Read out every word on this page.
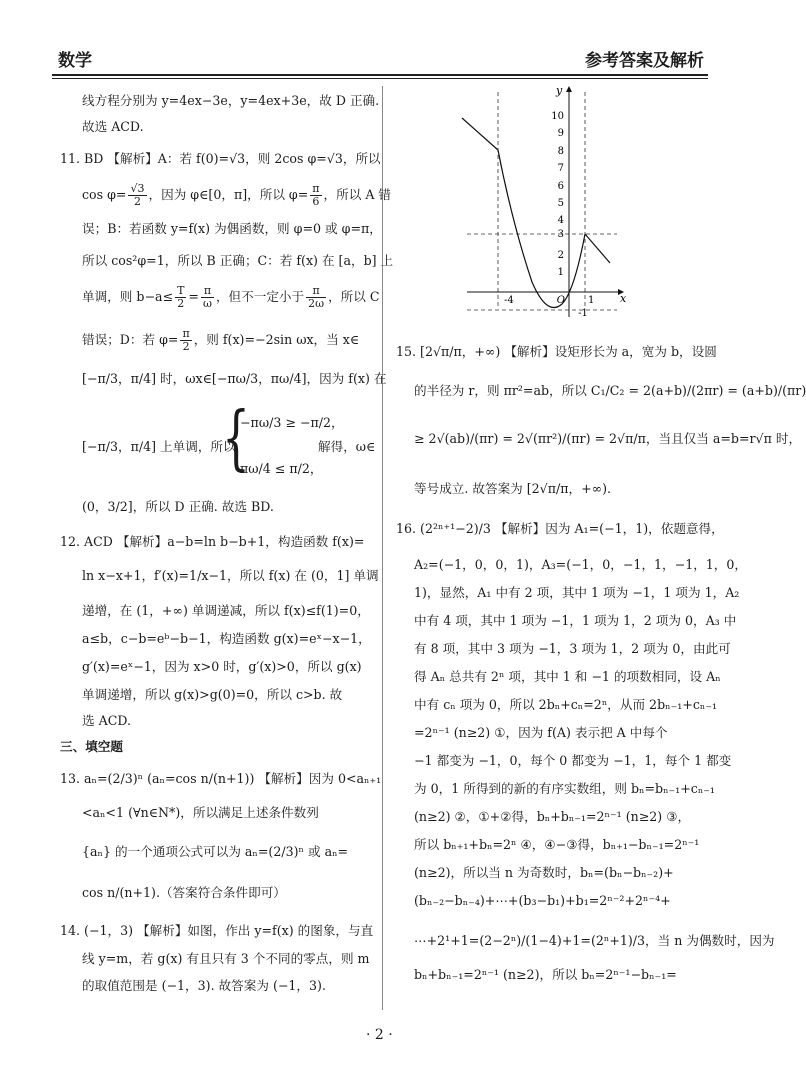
数学	参考答案及解析
线方程分别为 y=4ex−3e，y=4ex+3e，故 D 正确.
故选 ACD.
11. BD 【解析】A：若 f(0)=√3，则 2cos φ=√3，所以
$\cos \varphi= \frac{√3}{2}$ ，因为 φ∈[0，π]，所以 $\varphi= \frac{\pi}{6}$ ，所以 A 错
误；B：若函数 y=f(x) 为偶函数，则 φ=0 或 φ=π，
所以 cos²φ=1，所以 B 正确；C：若 f(x) 在 [a，b] 上
单调，则 $b-a\le \frac{T}{2} = \frac{\pi}{\omega}$ ，但不一定小于 $\frac{\pi}{2\omega}$ ，所以 C
错误；D：若 $\varphi= \frac{\pi}{2}$ ，则 f(x)=−2sin ωx，当 x∈
[−π/3，π/4] 时，ωx∈[−πω/3，πω/4]，因为 f(x) 在
[−π/3，π/4] 上单调，所以
{
−πω/3 ≥ −π/2，
πω/4 ≤ π/2，
解得，ω∈
(0，3/2]，所以 D 正确. 故选 BD.
12. ACD 【解析】a−b=ln b−b+1，构造函数 f(x)=
ln x−x+1，f′(x)=1/x−1，所以 f(x) 在 (0，1] 单调
递增，在 (1，+∞) 单调递减，所以 f(x)≤f(1)=0，
a≤b，c−b=eᵇ−b−1，构造函数 g(x)=eˣ−x−1，
g′(x)=eˣ−1，因为 x>0 时，g′(x)>0，所以 g(x)
单调递增，所以 g(x)>g(0)=0，所以 c>b. 故
选 ACD.
三、填空题
13. aₙ=(2/3)ⁿ (aₙ=cos n/(n+1)) 【解析】因为 0<aₙ₊₁
<aₙ<1 (∀n∈N*)，所以满足上述条件数列
{aₙ} 的一个通项公式可以为 aₙ=(2/3)ⁿ 或 aₙ=
cos n/(n+1).（答案符合条件即可）
14. (−1，3) 【解析】如图，作出 y=f(x) 的图象，与直
线 y=m，若 g(x) 有且只有 3 个不同的零点，则 m
的取值范围是 (−1，3). 故答案为 (−1，3).
10
9
8
7
6
5
4
3
2
1
-1
y
x
-4	O 1
15. [2√π/π，+∞) 【解析】设矩形长为 a，宽为 b，设圆
的半径为 r，则 πr²=ab，所以 C₁/C₂ = 2(a+b)/(2πr) = (a+b)/(πr)
≥ 2√(ab)/(πr) = 2√(πr²)/(πr) = 2√π/π，当且仅当 a=b=r√π 时，
等号成立. 故答案为 [2√π/π，+∞).
16. (2²ⁿ⁺¹−2)/3 【解析】因为 A₁=(−1，1)，依题意得，
A₂=(−1，0，0，1)，A₃=(−1，0，−1，1，−1，1，0，
1)，显然，A₁ 中有 2 项，其中 1 项为 −1，1 项为 1，A₂
中有 4 项，其中 1 项为 −1，1 项为 1，2 项为 0，A₃ 中
有 8 项，其中 3 项为 −1，3 项为 1，2 项为 0，由此可
得 Aₙ 总共有 2ⁿ 项，其中 1 和 −1 的项数相同，设 Aₙ
中有 cₙ 项为 0，所以 2bₙ+cₙ=2ⁿ，从而 2bₙ₋₁+cₙ₋₁
=2ⁿ⁻¹ (n≥2) ①，因为 f(A) 表示把 A 中每个
−1 都变为 −1，0，每个 0 都变为 −1，1，每个 1 都变
为 0，1 所得到的新的有序实数组，则 bₙ=bₙ₋₁+cₙ₋₁
(n≥2) ②，①+②得，bₙ+bₙ₋₁=2ⁿ⁻¹ (n≥2) ③，
所以 bₙ₊₁+bₙ=2ⁿ ④，④−③得，bₙ₊₁−bₙ₋₁=2ⁿ⁻¹
(n≥2)，所以当 n 为奇数时，bₙ=(bₙ−bₙ₋₂)+
(bₙ₋₂−bₙ₋₄)+⋯+(b₃−b₁)+b₁=2ⁿ⁻²+2ⁿ⁻⁴+
⋯+2¹+1=(2−2ⁿ)/(1−4)+1=(2ⁿ+1)/3，当 n 为偶数时，因为
bₙ+bₙ₋₁=2ⁿ⁻¹ (n≥2)，所以 bₙ=2ⁿ⁻¹−bₙ₋₁=
· 2 ·
